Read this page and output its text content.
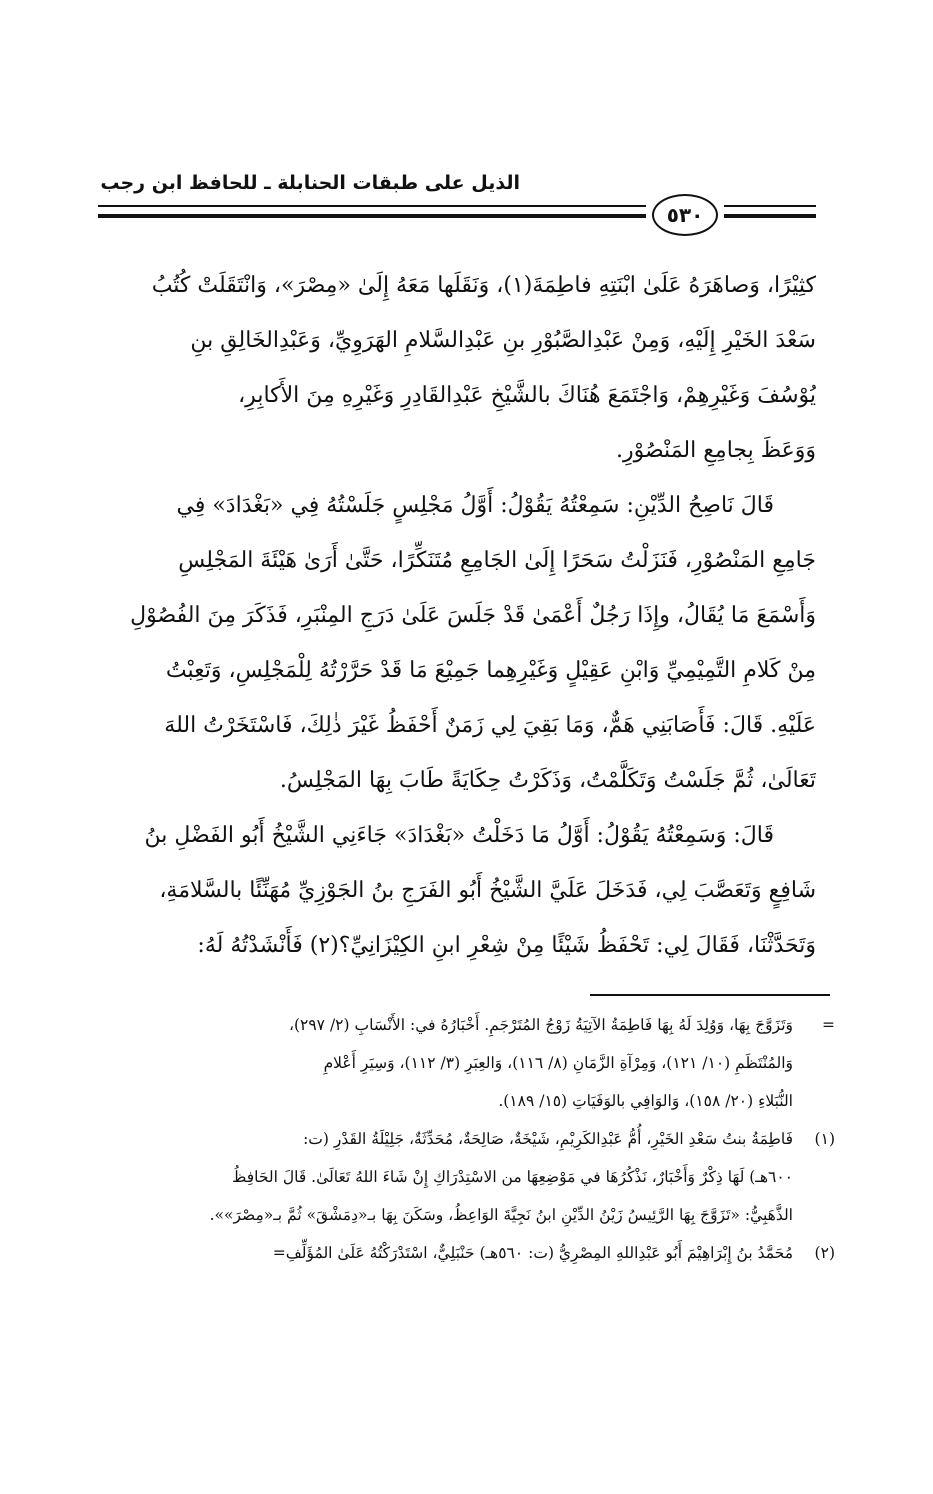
الذيل على طبقات الحنابلة ـ للحافظ ابن رجب
٥٣٠
كثِيْرًا، وَصاهَرَهُ عَلَىٰ ابْنَتِهِ فاطِمَةَ(١)، وَنَقَلَها مَعَهُ إِلَىٰ «مِصْرَ»، وَانْتَقَلَتْ كُتُبُ
سَعْدَ الخَيْرِ إِلَيْهِ، وَمِنْ عَبْدِالصَّبُوْرِ بنِ عَبْدِالسَّلامِ الهَرَوِيِّ، وَعَبْدِالخَالِقِ بنِ
يُوْسُفَ وَغَيْرِهِمْ، وَاجْتَمَعَ هُنَاكَ بالشَّيْخِ عَبْدِالقَادِرِ وَغَيْرِهِ مِنَ الأَكابِرِ،
وَوَعَظَ بِجامِعِ المَنْصُوْرِ.
قَالَ نَاصِحُ الدِّيْنِ: سَمِعْتُهُ يَقُوْلُ: أَوَّلُ مَجْلِسٍ جَلَسْتُهُ فِي «بَغْدَادَ» فِي
جَامِعِ المَنْصُوْرِ، فَنَزَلْتُ سَحَرًا إِلَىٰ الجَامِعِ مُتَنَكِّرًا، حَتَّىٰ أَرَىٰ هَيْئَةَ المَجْلِسِ
وَأَسْمَعَ مَا يُقَالُ، وإِذَا رَجُلٌ أَعْمَىٰ قَدْ جَلَسَ عَلَىٰ دَرَجِ المِنْبَرِ، فَذَكَرَ مِنَ الفُصُوْلِ
مِنْ كَلامِ التَّمِيْمِيِّ وَابْنِ عَقِيْلٍ وَغَيْرِهِما جَمِيْعَ مَا قَدْ حَرَّرْتُهُ لِلْمَجْلِسِ، وَتَعِبْتُ
عَلَيْهِ. قَالَ: فَأَصَابَنِي هَمٌّ، وَمَا بَقِيَ لِي زَمَنٌ أَحْفَظُ غَيْرَ ذٰلِكَ، فَاسْتَخَرْتُ اللهَ
تَعَالَىٰ، ثُمَّ جَلَسْتُ وَتَكَلَّمْتُ، وَذَكَرْتُ حِكَايَةً طَابَ بِهَا المَجْلِسُ.
قَالَ: وَسَمِعْتُهُ يَقُوْلُ: أَوَّلُ مَا دَخَلْتُ «بَغْدَادَ» جَاءَنِي الشَّيْخُ أَبُو الفَضْلِ بنُ
شَافِعٍ وَتَعَصَّبَ لِي، فَدَخَلَ عَلَيَّ الشَّيْخُ أَبُو الفَرَجِ بنُ الجَوْزِيِّ مُهَنِّئًا بالسَّلامَةِ،
وَتَحَدَّثْنَا، فَقَالَ لِي: تَحْفَظُ شَيْئًا مِنْ شِعْرِ ابنِ الكِيْزَانِيِّ؟(٢) فَأَنْشَدْتُهُ لَهُ:
=وَتَزَوَّجَ بِهَا، وَوُلِدَ لَهُ بِهَا فَاطِمَةُ الآتِيَةُ زَوْجُ المُتَرْجَمِ. أَخْبَارُهُ في: الأَنْسَابِ (٢/ ٢٩٧)،
وَالمُنْتَظَمِ (١٠/ ١٢١)، وَمِرْآةِ الزَّمَانِ (٨/ ١١٦)، وَالعِبَرِ (٣/ ١١٢)، وَسِيَرِ أَعْلامِ
النُّبَلاءِ (٢٠/ ١٥٨)، وَالوَافِي بالوَفَيَاتِ (١٥/ ١٨٩).
(١)فَاطِمَةُ بنتُ سَعْدِ الخَيْرِ، أُمُّ عَبْدِالكَرِيْمِ، شَيْخَةٌ، صَالِحَةٌ، مُحَدِّثَةٌ، جَلِيْلَةُ القَدْرِ (ت:
٦٠٠هـ) لَهَا ذِكْرٌ وَأَخْبَارٌ، نَذْكُرُهَا في مَوْضِعِهَا من الاسْتِدْرَاكِ إِنْ شَاءَ اللهُ تَعَالَىٰ. قَالَ الحَافِظُ
الذَّهَبِيُّ: «تَزَوَّجَ بِهَا الرَّئِيسُ زَيْنُ الدِّيْنِ ابنُ نَجِيَّةَ الوَاعِظُ، وسَكَنَ بِهَا بـ«دِمَشْقَ» ثُمَّ بـ«مِصْرَ»».
(٢)مُحَمَّدُ بنُ إِبْرَاهِيْمَ أَبُو عَبْدِاللهِ المِصْرِيُّ (ت: ٥٦٠هـ) حَنْبَلِيٌّ، اسْتَدْرَكْتُهُ عَلَىٰ المُؤَلِّفِ=
